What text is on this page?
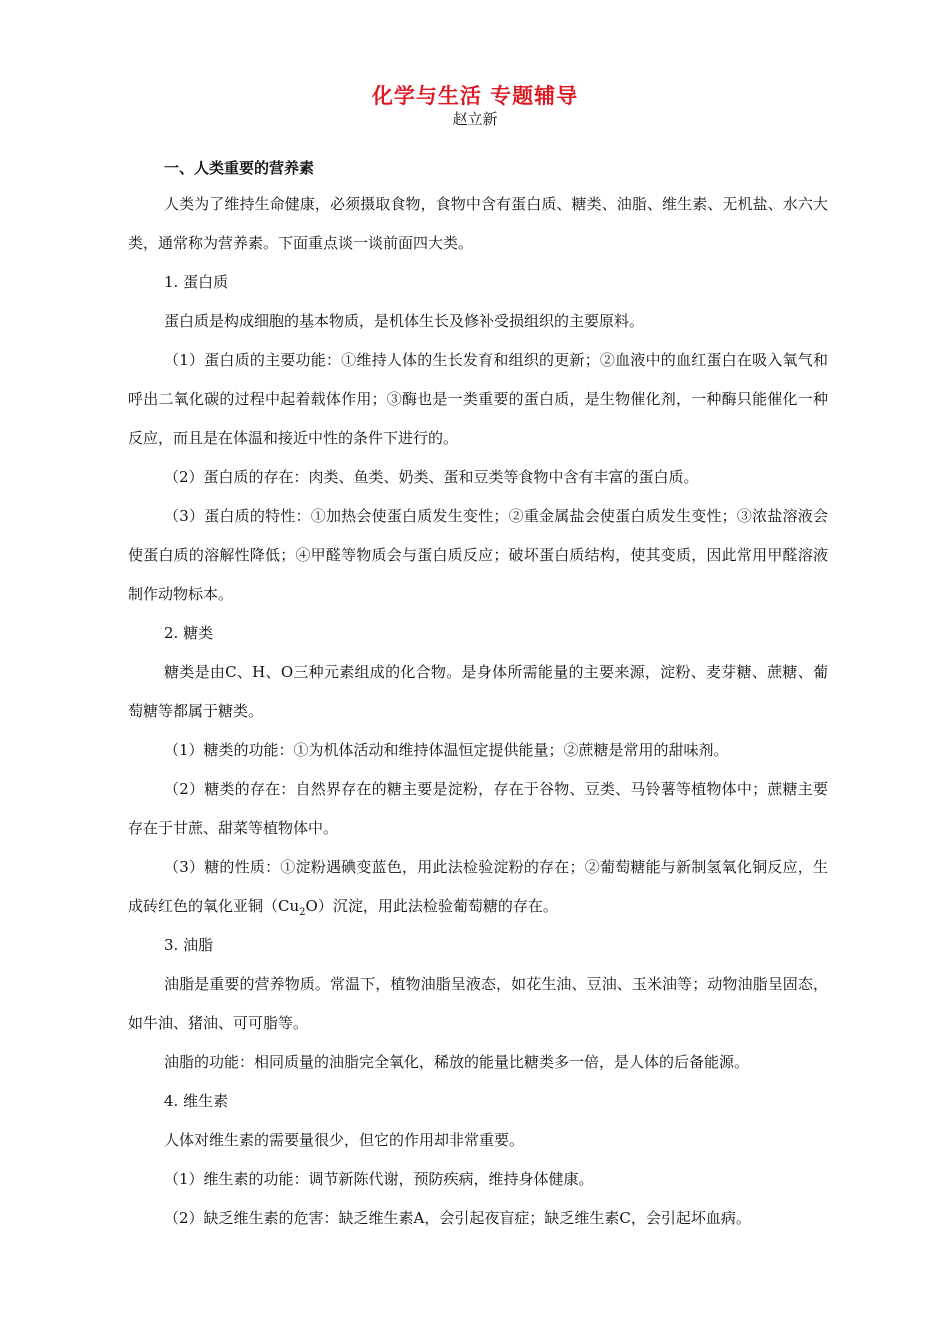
化学与生活 专题辅导
赵立新

一、人类重要的营养素

人类为了维持生命健康，必须摄取食物，食物中含有蛋白质、糖类、油脂、维生素、无机盐、水六大类，通常称为营养素。下面重点谈一谈前面四大类。

1. 蛋白质

蛋白质是构成细胞的基本物质，是机体生长及修补受损组织的主要原料。

（1）蛋白质的主要功能：①维持人体的生长发育和组织的更新；②血液中的血红蛋白在吸入氧气和呼出二氧化碳的过程中起着载体作用；③酶也是一类重要的蛋白质，是生物催化剂，一种酶只能催化一种反应，而且是在体温和接近中性的条件下进行的。

（2）蛋白质的存在：肉类、鱼类、奶类、蛋和豆类等食物中含有丰富的蛋白质。

（3）蛋白质的特性：①加热会使蛋白质发生变性；②重金属盐会使蛋白质发生变性；③浓盐溶液会使蛋白质的溶解性降低；④甲醛等物质会与蛋白质反应；破坏蛋白质结构，使其变质，因此常用甲醛溶液制作动物标本。

2. 糖类

糖类是由C、H、O三种元素组成的化合物。是身体所需能量的主要来源，淀粉、麦芽糖、蔗糖、葡萄糖等都属于糖类。

（1）糖类的功能：①为机体活动和维持体温恒定提供能量；②蔗糖是常用的甜味剂。

（2）糖类的存在：自然界存在的糖主要是淀粉，存在于谷物、豆类、马铃薯等植物体中；蔗糖主要存在于甘蔗、甜菜等植物体中。

（3）糖的性质：①淀粉遇碘变蓝色，用此法检验淀粉的存在；②葡萄糖能与新制氢氧化铜反应，生成砖红色的氧化亚铜$(Cu_2O)$沉淀，用此法检验葡萄糖的存在。

3. 油脂

油脂是重要的营养物质。常温下，植物油脂呈液态，如花生油、豆油、玉米油等；动物油脂呈固态，如牛油、猪油、可可脂等。

油脂的功能：相同质量的油脂完全氧化，稀放的能量比糖类多一倍，是人体的后备能源。

4. 维生素

人体对维生素的需要量很少，但它的作用却非常重要。

（1）维生素的功能：调节新陈代谢，预防疾病，维持身体健康。

（2）缺乏维生素的危害：缺乏维生素A，会引起夜盲症；缺乏维生素C，会引起坏血病。
